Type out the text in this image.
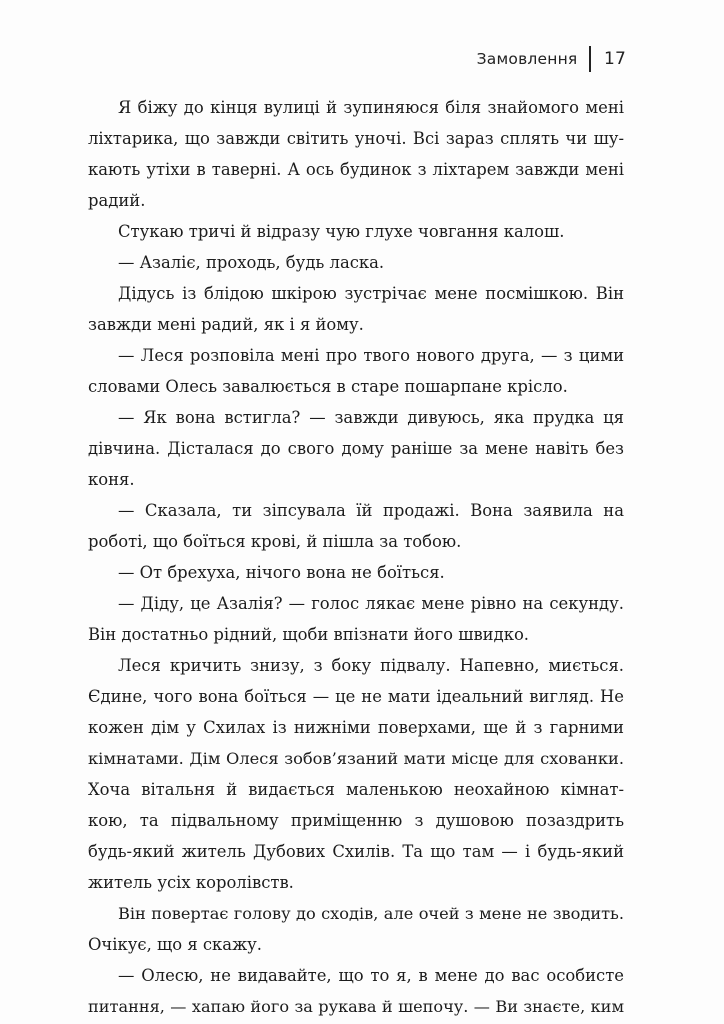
Замовлення 17
Я біжу до кінця вулиці й зупиняюся біля знайомого мені
ліхтарика, що завжди світить уночі. Всі зараз сплять чи шу-
кають утіхи в таверні. А ось будинок з ліхтарем завжди мені
радий.
Стукаю тричі й відразу чую глухе човгання калош.
— Азаліє, проходь, будь ласка.
Дідусь із блідою шкірою зустрічає мене посмішкою. Він
завжди мені радий, як і я йому.
— Леся розповіла мені про твого нового друга, — з цими
словами Олесь завалюється в старе пошарпане крісло.
— Як вона встигла? — завжди дивуюсь, яка прудка ця
дівчина. Дісталася до свого дому раніше за мене навіть без
коня.
— Сказала, ти зіпсувала їй продажі. Вона заявила на
роботі, що боїться крові, й пішла за тобою.
— От брехуха, нічого вона не боїться.
— Діду, це Азалія? — голос лякає мене рівно на секунду.
Він достатньо рідний, щоби впізнати його швидко.
Леся кричить знизу, з боку підвалу. Напевно, миється.
Єдине, чого вона боїться — це не мати ідеальний вигляд. Не
кожен дім у Схилах із нижніми поверхами, ще й з гарними
кімнатами. Дім Олеся зобов’язаний мати місце для схованки.
Хоча вітальня й видається маленькою неохайною кімнат-
кою, та підвальному приміщенню з душовою позаздрить
будь-який житель Дубових Схилів. Та що там — і будь-який
житель усіх королівств.
Він повертає голову до сходів, але очей з мене не зводить.
Очікує, що я скажу.
— Олесю, не видавайте, що то я, в мене до вас особисте
питання, — хапаю його за рукава й шепочу. — Ви знаєте, ким
